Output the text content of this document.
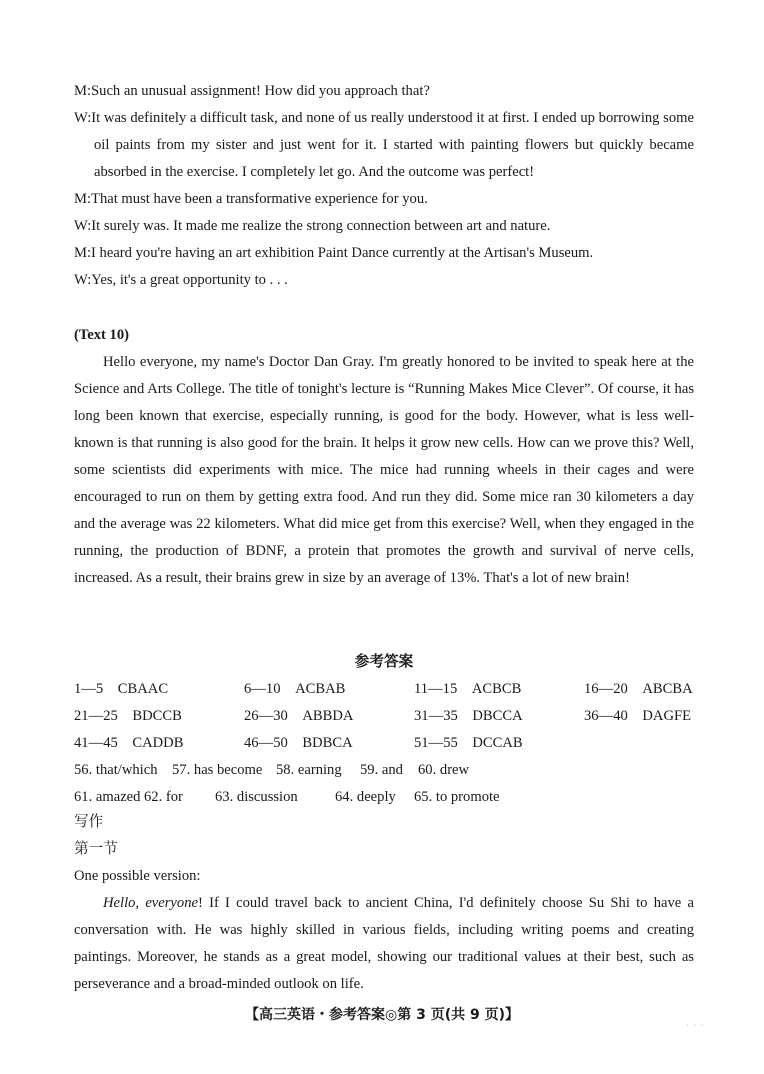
M:Such an unusual assignment! How did you approach that?

W:It was definitely a difficult task, and none of us really understood it at first. I ended up borrowing some oil paints from my sister and just went for it. I started with painting flowers but quickly became absorbed in the exercise. I completely let go. And the outcome was perfect!

M:That must have been a transformative experience for you.

W:It surely was. It made me realize the strong connection between art and nature.

M:I heard you're having an art exhibition Paint Dance currently at the Artisan's Museum.

W:Yes, it's a great opportunity to . . .

(Text 10)

Hello everyone, my name's Doctor Dan Gray. I'm greatly honored to be invited to speak here at the Science and Arts College. The title of tonight's lecture is “Running Makes Mice Clever”. Of course, it has long been known that exercise, especially running, is good for the body. However, what is less well-known is that running is also good for the brain. It helps it grow new cells. How can we prove this? Well, some scientists did experiments with mice. The mice had running wheels in their cages and were encouraged to run on them by getting extra food. And run they did. Some mice ran 30 kilometers a day and the average was 22 kilometers. What did mice get from this exercise? Well, when they engaged in the running, the production of BDNF, a protein that promotes the growth and survival of nerve cells, increased. As a result, their brains grew in size by an average of 13%. That's a lot of new brain!

参考答案

1—5　CBAAC	6—10　ACBAB	11—15　ACBCB	16—20　ABCBA

21—25　BDCCB	26—30　ABBDA	31—35　DBCCA	36—40　DAGFE

41—45　CADDB	46—50　BDBCA	51—55　DCCAB

56. that/which 57. has become 58. earning 59. and 60. drew

61. amazed 62. for 63. discussion	64. deeply 65. to promote

写作

第一节

One possible version:

Hello, everyone! If I could travel back to ancient China, I'd definitely choose Su Shi to have a conversation with. He was highly skilled in various fields, including writing poems and creating paintings. Moreover, he stands as a great model, showing our traditional values at their best, such as perseverance and a broad-minded outlook on life.

【高三英语・参考答案◎第 3 页(共 9 页)】
· · ·
